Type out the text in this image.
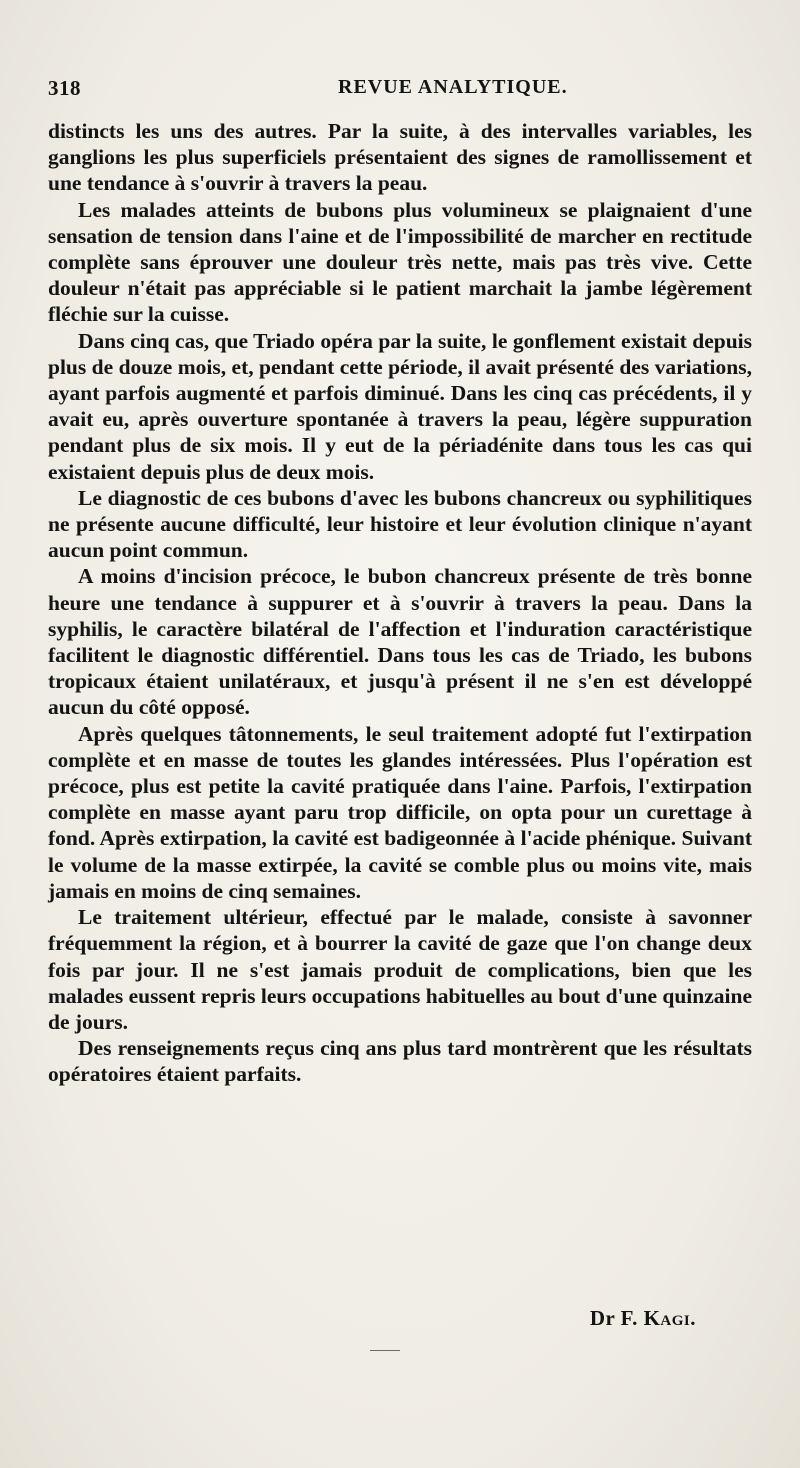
318	REVUE ANALYTIQUE.

distincts les uns des autres. Par la suite, à des intervalles variables, les ganglions les plus superficiels présentaient des signes de ramollissement et une tendance à s'ouvrir à travers la peau.

Les malades atteints de bubons plus volumineux se plaignaient d'une sensation de tension dans l'aine et de l'impossibilité de marcher en rectitude complète sans éprouver une douleur très nette, mais pas très vive. Cette douleur n'était pas appréciable si le patient marchait la jambe légèrement fléchie sur la cuisse.

Dans cinq cas, que Triado opéra par la suite, le gonflement existait depuis plus de douze mois, et, pendant cette période, il avait présenté des variations, ayant parfois augmenté et parfois diminué. Dans les cinq cas précédents, il y avait eu, après ouverture spontanée à travers la peau, légère suppuration pendant plus de six mois. Il y eut de la périadénite dans tous les cas qui existaient depuis plus de deux mois.

Le diagnostic de ces bubons d'avec les bubons chancreux ou syphilitiques ne présente aucune difficulté, leur histoire et leur évolution clinique n'ayant aucun point commun.

A moins d'incision précoce, le bubon chancreux présente de très bonne heure une tendance à suppurer et à s'ouvrir à travers la peau. Dans la syphilis, le caractère bilatéral de l'affection et l'induration caractéristique facilitent le diagnostic différentiel. Dans tous les cas de Triado, les bubons tropicaux étaient unilatéraux, et jusqu'à présent il ne s'en est développé aucun du côté opposé.

Après quelques tâtonnements, le seul traitement adopté fut l'extirpation complète et en masse de toutes les glandes intéressées. Plus l'opération est précoce, plus est petite la cavité pratiquée dans l'aine. Parfois, l'extirpation complète en masse ayant paru trop difficile, on opta pour un curettage à fond. Après extirpation, la cavité est badigeonnée à l'acide phénique. Suivant le volume de la masse extirpée, la cavité se comble plus ou moins vite, mais jamais en moins de cinq semaines.

Le traitement ultérieur, effectué par le malade, consiste à savonner fréquemment la région, et à bourrer la cavité de gaze que l'on change deux fois par jour. Il ne s'est jamais produit de complications, bien que les malades eussent repris leurs occupations habituelles au bout d'une quinzaine de jours.

Des renseignements reçus cinq ans plus tard montrèrent que les résultats opératoires étaient parfaits.

Dr F. Kagi.
